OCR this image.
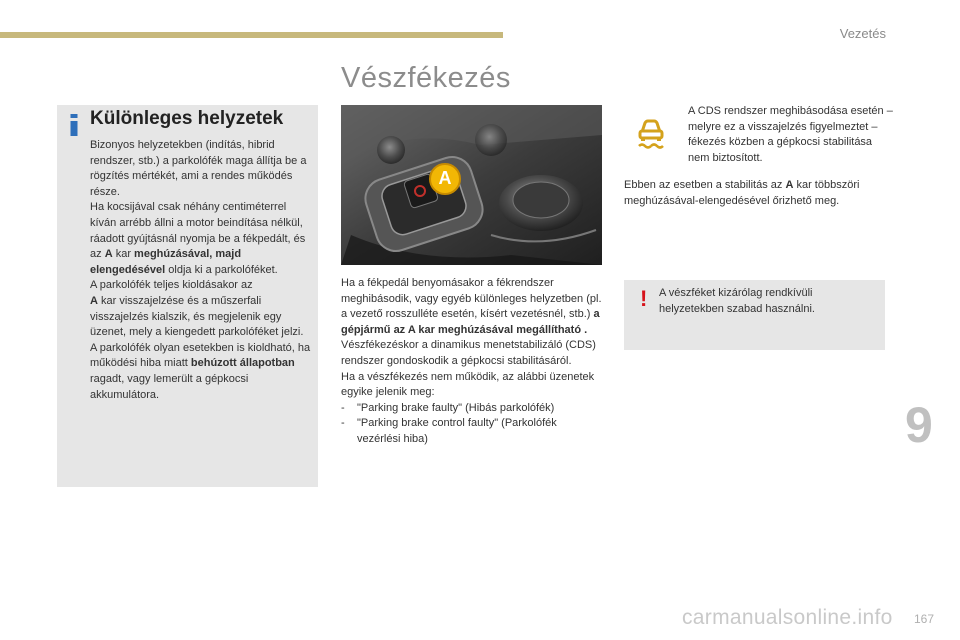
Vezetés
Vészfékezés
Különleges helyzetek
Bizonyos helyzetekben (indítás, hibrid rendszer, stb.) a parkolófék maga állítja be a rögzítés mértékét, ami a rendes működés része.
Ha kocsijával csak néhány centiméterrel kíván arrébb állni a motor beindítása nélkül, ráadott gyújtásnál nyomja be a fékpedált, és az A kar meghúzásával, majd elengedésével oldja ki a parkolóféket.
A parkolófék teljes kioldásakor az
A kar visszajelzése és a műszerfali visszajelzés kialszik, és megjelenik egy üzenet, mely a kiengedett parkolóféket jelzi.
A parkolófék olyan esetekben is kioldható, ha működési hiba miatt behúzott állapotban ragadt, vagy lemerült a gépkocsi akkumulátora.
A
Ha a fékpedál benyomásakor a fékrendszer meghibásodik, vagy egyéb különleges helyzetben (pl. a vezető rosszulléte esetén, kísért vezetésnél, stb.) a gépjármű az A kar meghúzásával megállítható .
Vészfékezéskor a dinamikus menetstabilizáló (CDS) rendszer gondoskodik a gépkocsi stabilitásáról.
Ha a vészfékezés nem működik, az alábbi üzenetek egyike jelenik meg:
-	"Parking brake faulty" (Hibás parkolófék)
-	"Parking brake control faulty" (Parkolófék vezérlési hiba)
A CDS rendszer meghibásodása esetén – melyre ez a visszajelzés figyelmeztet – fékezés közben a gépkocsi stabilitása nem biztosított.
Ebben az esetben a stabilitás az A kar többszöri meghúzásával-elengedésével őrizhető meg.
! A vészféket kizárólag rendkívüli helyzetekben szabad használni.
9
carmanualsonline.info 167
